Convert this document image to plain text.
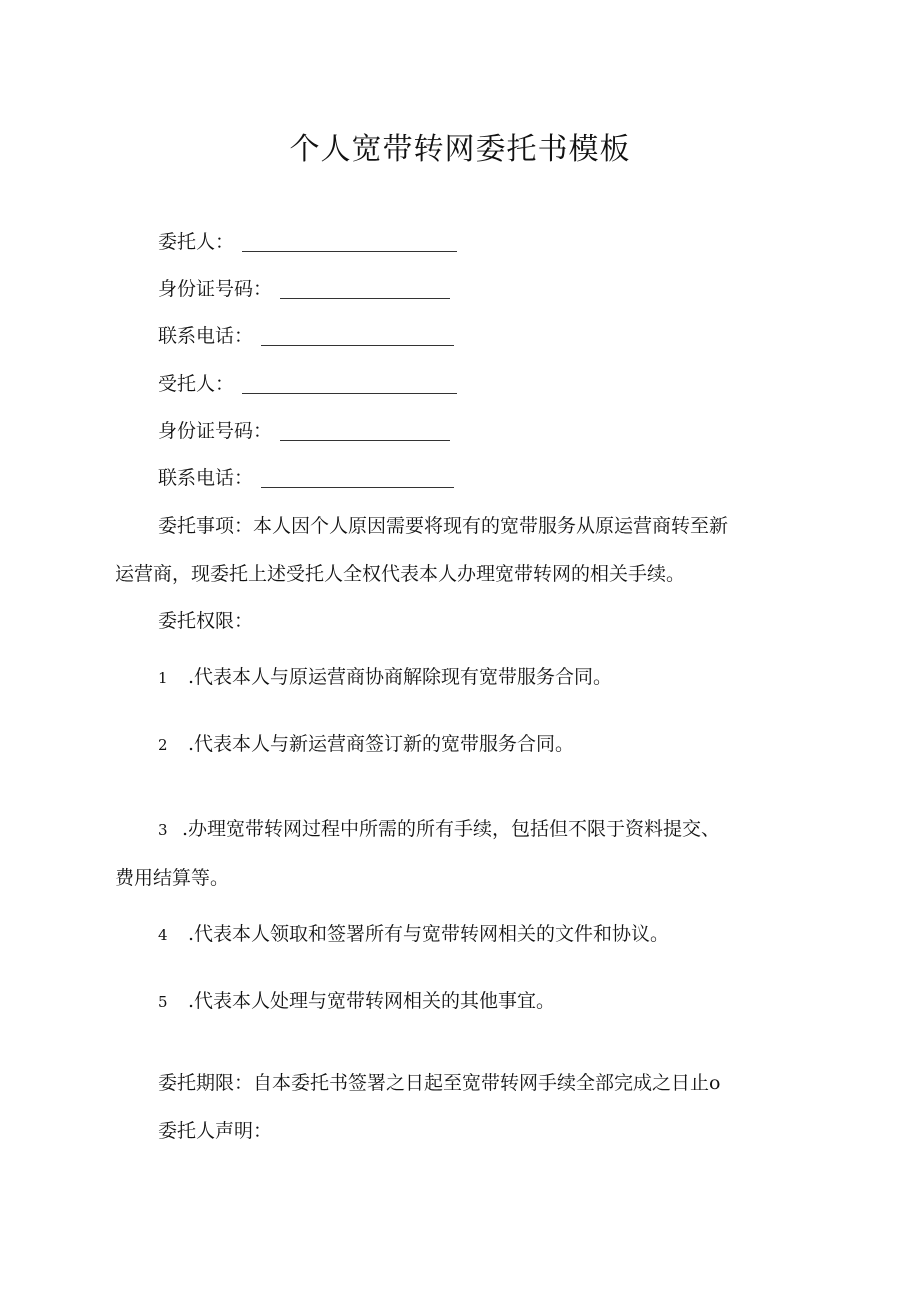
个人宽带转网委托书模板
委托人：
身份证号码：
联系电话：
受托人：
身份证号码：
联系电话：
委托事项：本人因个人原因需要将现有的宽带服务从原运营商转至新
运营商，现委托上述受托人全权代表本人办理宽带转网的相关手续。
委托权限：
1 .代表本人与原运营商协商解除现有宽带服务合同。
2 .代表本人与新运营商签订新的宽带服务合同。
3 .办理宽带转网过程中所需的所有手续，包括但不限于资料提交、
费用结算等。
4 .代表本人领取和签署所有与宽带转网相关的文件和协议。
5 .代表本人处理与宽带转网相关的其他事宜。
委托期限：自本委托书签署之日起至宽带转网手续全部完成之日止o
委托人声明：
